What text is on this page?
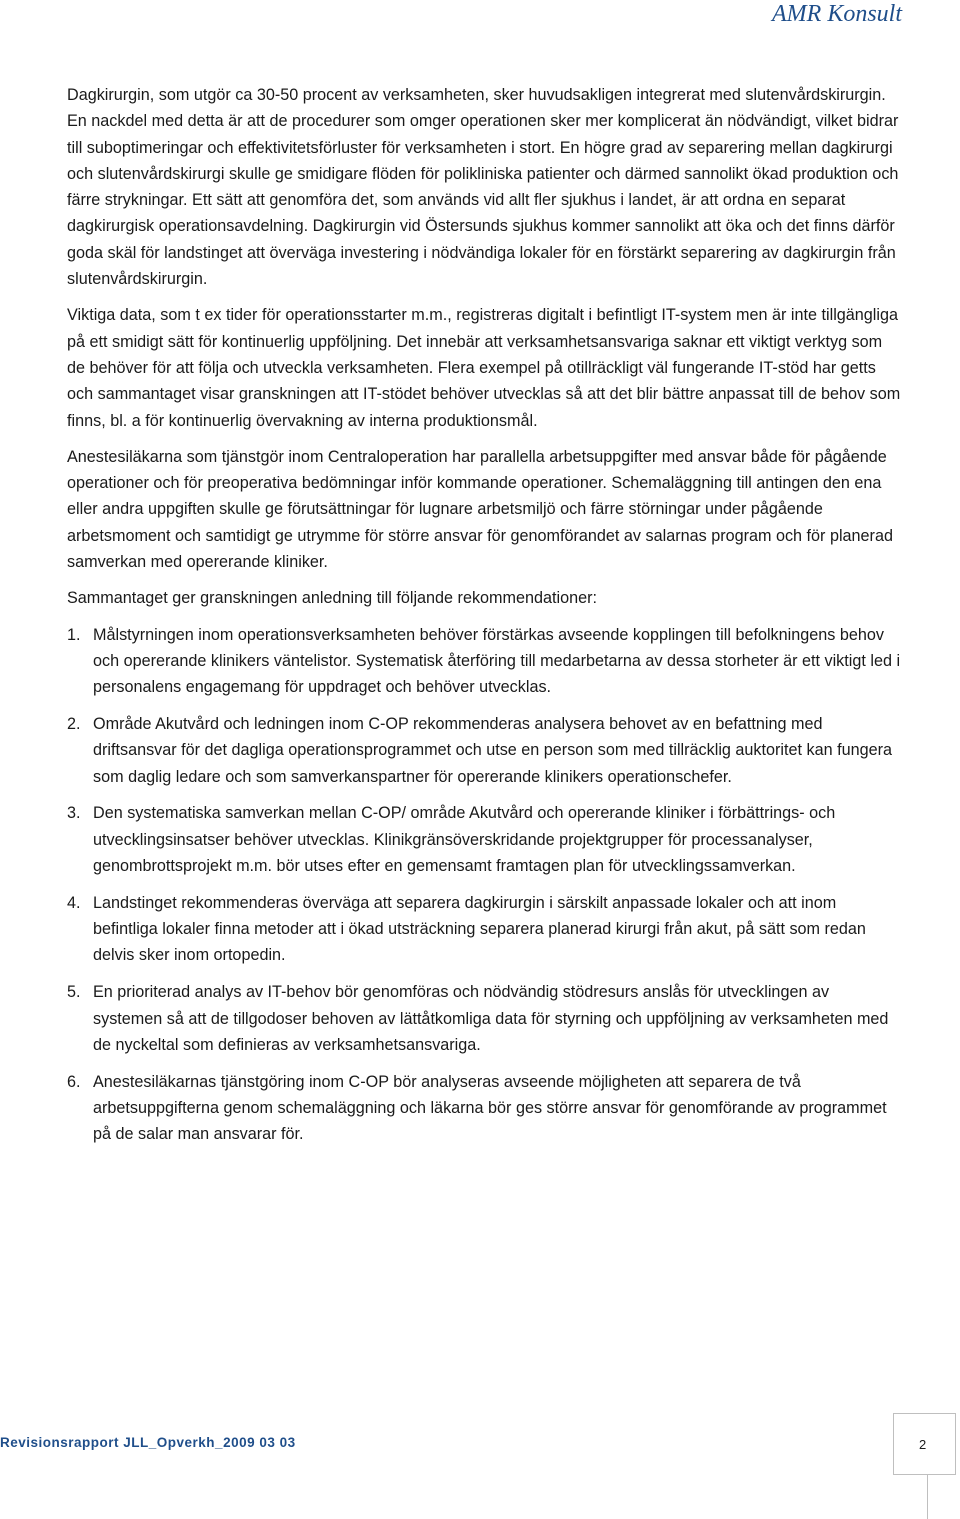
AMR Konsult

Dagkirurgin, som utgör ca 30-50 procent av verksamheten, sker huvudsakligen integrerat med slutenvårdskirurgin. En nackdel med detta är att de procedurer som omger operationen sker mer komplicerat än nödvändigt, vilket bidrar till suboptimeringar och effektivitetsförluster för verksamheten i stort. En högre grad av separering mellan dagkirurgi och slutenvårdskirurgi skulle ge smidigare flöden för polikliniska patienter och därmed sannolikt ökad produktion och färre strykningar. Ett sätt att genomföra det, som används vid allt fler sjukhus i landet, är att ordna en separat dagkirurgisk operationsavdelning. Dagkirurgin vid Östersunds sjukhus kommer sannolikt att öka och det finns därför goda skäl för landstinget att överväga investering i nödvändiga lokaler för en förstärkt separering av dagkirurgin från slutenvårdskirurgin.

Viktiga data, som t ex tider för operationsstarter m.m., registreras digitalt i befintligt IT-system men är inte tillgängliga på ett smidigt sätt för kontinuerlig uppföljning. Det innebär att verksamhetsansvariga saknar ett viktigt verktyg som de behöver för att följa och utveckla verksamheten. Flera exempel på otillräckligt väl fungerande IT-stöd har getts och sammantaget visar granskningen att IT-stödet behöver utvecklas så att det blir bättre anpassat till de behov som finns, bl. a för kontinuerlig övervakning av interna produktionsmål.

Anestesiläkarna som tjänstgör inom Centraloperation har parallella arbetsuppgifter med ansvar både för pågående operationer och för preoperativa bedömningar inför kommande operationer. Schemaläggning till antingen den ena eller andra uppgiften skulle ge förutsättningar för lugnare arbetsmiljö och färre störningar under pågående arbetsmoment och samtidigt ge utrymme för större ansvar för genomförandet av salarnas program och för planerad samverkan med opererande kliniker.

Sammantaget ger granskningen anledning till följande rekommendationer:

1. Målstyrningen inom operationsverksamheten behöver förstärkas avseende kopplingen till befolkningens behov och opererande klinikers väntelistor. Systematisk återföring till medarbetarna av dessa storheter är ett viktigt led i personalens engagemang för uppdraget och behöver utvecklas.
2. Område Akutvård och ledningen inom C-OP rekommenderas analysera behovet av en befattning med driftsansvar för det dagliga operationsprogrammet och utse en person som med tillräcklig auktoritet kan fungera som daglig ledare och som samverkanspartner för opererande klinikers operationschefer.
3. Den systematiska samverkan mellan C-OP/ område Akutvård och opererande kliniker i förbättrings- och utvecklingsinsatser behöver utvecklas. Klinikgränsöverskridande projektgrupper för processanalyser, genombrottsprojekt m.m. bör utses efter en gemensamt framtagen plan för utvecklingssamverkan.
4. Landstinget rekommenderas överväga att separera dagkirurgin i särskilt anpassade lokaler och att inom befintliga lokaler finna metoder att i ökad utsträckning separera planerad kirurgi från akut, på sätt som redan delvis sker inom ortopedin.
5. En prioriterad analys av IT-behov bör genomföras och nödvändig stödresurs anslås för utvecklingen av systemen så att de tillgodoser behoven av lättåtkomliga data för styrning och uppföljning av verksamheten med de nyckeltal som definieras av verksamhetsansvariga.
6. Anestesiläkarnas tjänstgöring inom C-OP bör analyseras avseende möjligheten att separera de två arbetsuppgifterna genom schemaläggning och läkarna bör ges större ansvar för genomförande av programmet på de salar man ansvarar för.
Revisionsrapport JLL_Opverkh_2009 03 03	2
